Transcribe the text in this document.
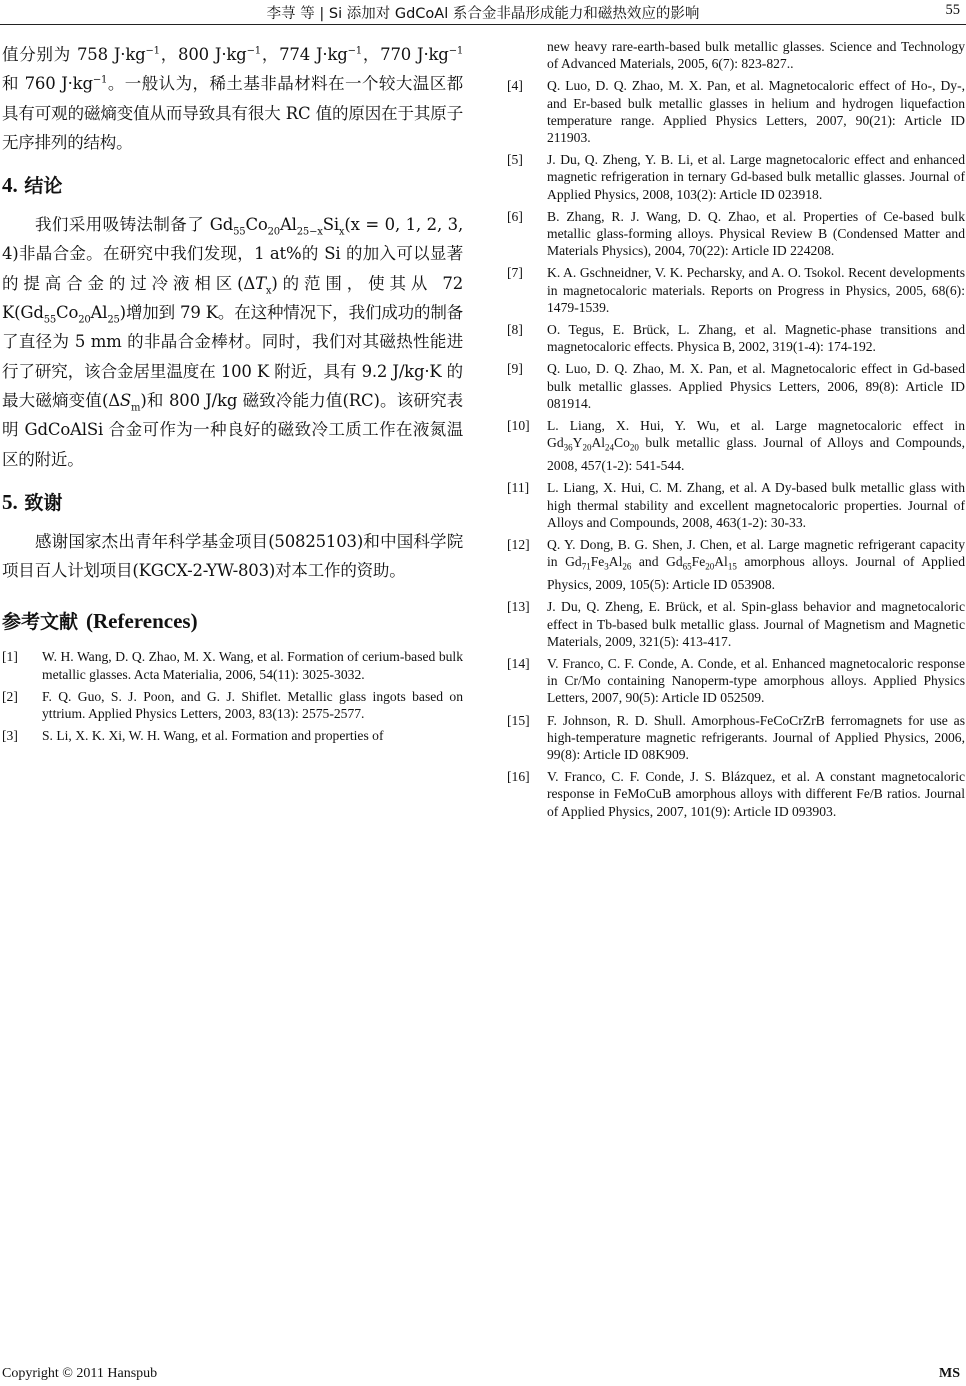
李荨 等 | Si 添加对 GdCoAl 系合金非晶形成能力和磁热效应的影响	55

值分别为 758 $J\cdot kg^{-1}$，800 $J\cdot kg^{-1}$，774 $J\cdot kg^{-1}$，770 $J\cdot kg^{-1}$和 760 $J\cdot kg^{-1}$。一般认为，稀土基非晶材料在一个较大温区都具有可观的磁熵变值从而导致具有很大 RC 值的原因在于其原子无序排列的结构。

4. 结论

我们采用吸铸法制备了 $Gd_{55}Co_{20}Al_{25-x}Si_x(x = 0$, 1, 2, 3, 4)非晶合金。在研究中我们发现，1 at%的 Si 的加入可以显著的提高合金的过冷液相区$(\Delta T_x)$的范围，使其从 72 $K(Gd_{55}Co_{20}Al_{25})$增加到 79 K。在这种情况下，我们成功的制备了直径为 5 mm 的非晶合金棒材。同时，我们对其磁热性能进行了研究，该合金居里温度在 100 K 附近，具有 9.2 J/kg·K 的最大磁熵变值$(\Delta S_m)$和 800 J/kg 磁致冷能力值(RC)。该研究表明 GdCoAlSi 合金可作为一种良好的磁致冷工质工作在液氮温区的附近。

5. 致谢

感谢国家杰出青年科学基金项目(50825103)和中国科学院项目百人计划项目(KGCX-2-YW-803)对本工作的资助。

参考文献 (References)
[1]	W. H. Wang, D. Q. Zhao, M. X. Wang, et al. Formation of cerium-based bulk metallic glasses. Acta Materialia, 2006, 54(11): 3025-3032.
[2]	F. Q. Guo, S. J. Poon, and G. J. Shiflet. Metallic glass ingots based on yttrium. Applied Physics Letters, 2003, 83(13): 2575-2577.
[3]	S. Li, X. K. Xi, W. H. Wang, et al. Formation and properties of
new heavy rare-earth-based bulk metallic glasses. Science and Technology of Advanced Materials, 2005, 6(7): 823-827..
[4]	Q. Luo, D. Q. Zhao, M. X. Pan, et al. Magnetocaloric effect of Ho-, Dy-, and Er-based bulk metallic glasses in helium and hydrogen liquefaction temperature range. Applied Physics Letters, 2007, 90(21): Article ID 211903.
[5]	J. Du, Q. Zheng, Y. B. Li, et al. Large magnetocaloric effect and enhanced magnetic refrigeration in ternary Gd-based bulk metallic glasses. Journal of Applied Physics, 2008, 103(2): Article ID 023918.
[6]	B. Zhang, R. J. Wang, D. Q. Zhao, et al. Properties of Ce-based bulk metallic glass-forming alloys. Physical Review B (Condensed Matter and Materials Physics), 2004, 70(22): Article ID 224208.
[7]	K. A. Gschneidner, V. K. Pecharsky, and A. O. Tsokol. Recent developments in magnetocaloric materials. Reports on Progress in Physics, 2005, 68(6): 1479-1539.
[8]	O. Tegus, E. Brück, L. Zhang, et al. Magnetic-phase transitions and magnetocaloric effects. Physica B, 2002, 319(1-4): 174-192.
[9]	Q. Luo, D. Q. Zhao, M. X. Pan, et al. Magnetocaloric effect in Gd-based bulk metallic glasses. Applied Physics Letters, 2006, 89(8): Article ID 081914.
[10]	L. Liang, X. Hui, Y. Wu, et al. Large magnetocaloric effect in $Gd_{36}Y_{20}Al_{24}Co_{20}$ bulk metallic glass. Journal of Alloys and Compounds, 2008, 457(1-2): 541-544.
[11]	L. Liang, X. Hui, C. M. Zhang, et al. A Dy-based bulk metallic glass with high thermal stability and excellent magnetocaloric properties. Journal of Alloys and Compounds, 2008, 463(1-2): 30-33.
[12]	Q. Y. Dong, B. G. Shen, J. Chen, et al. Large magnetic refrigerant capacity in $Gd_{71}Fe_3Al_{26}$ and $Gd_{65}Fe_{20}Al_{15}$ amorphous alloys. Journal of Applied Physics, 2009, 105(5): Article ID 053908.
[13]	J. Du, Q. Zheng, E. Brück, et al. Spin-glass behavior and magnetocaloric effect in Tb-based bulk metallic glass. Journal of Magnetism and Magnetic Materials, 2009, 321(5): 413-417.
[14]	V. Franco, C. F. Conde, A. Conde, et al. Enhanced magnetocaloric response in Cr/Mo containing Nanoperm-type amorphous alloys. Applied Physics Letters, 2007, 90(5): Article ID 052509.
[15]	F. Johnson, R. D. Shull. Amorphous-FeCoCrZrB ferromagnets for use as high-temperature magnetic refrigerants. Journal of Applied Physics, 2006, 99(8): Article ID 08K909.
[16]	V. Franco, C. F. Conde, J. S. Blázquez, et al. A constant magnetocaloric response in FeMoCuB amorphous alloys with different Fe/B ratios. Journal of Applied Physics, 2007, 101(9): Article ID 093903.
Copyright © 2011 Hanspub	MS
